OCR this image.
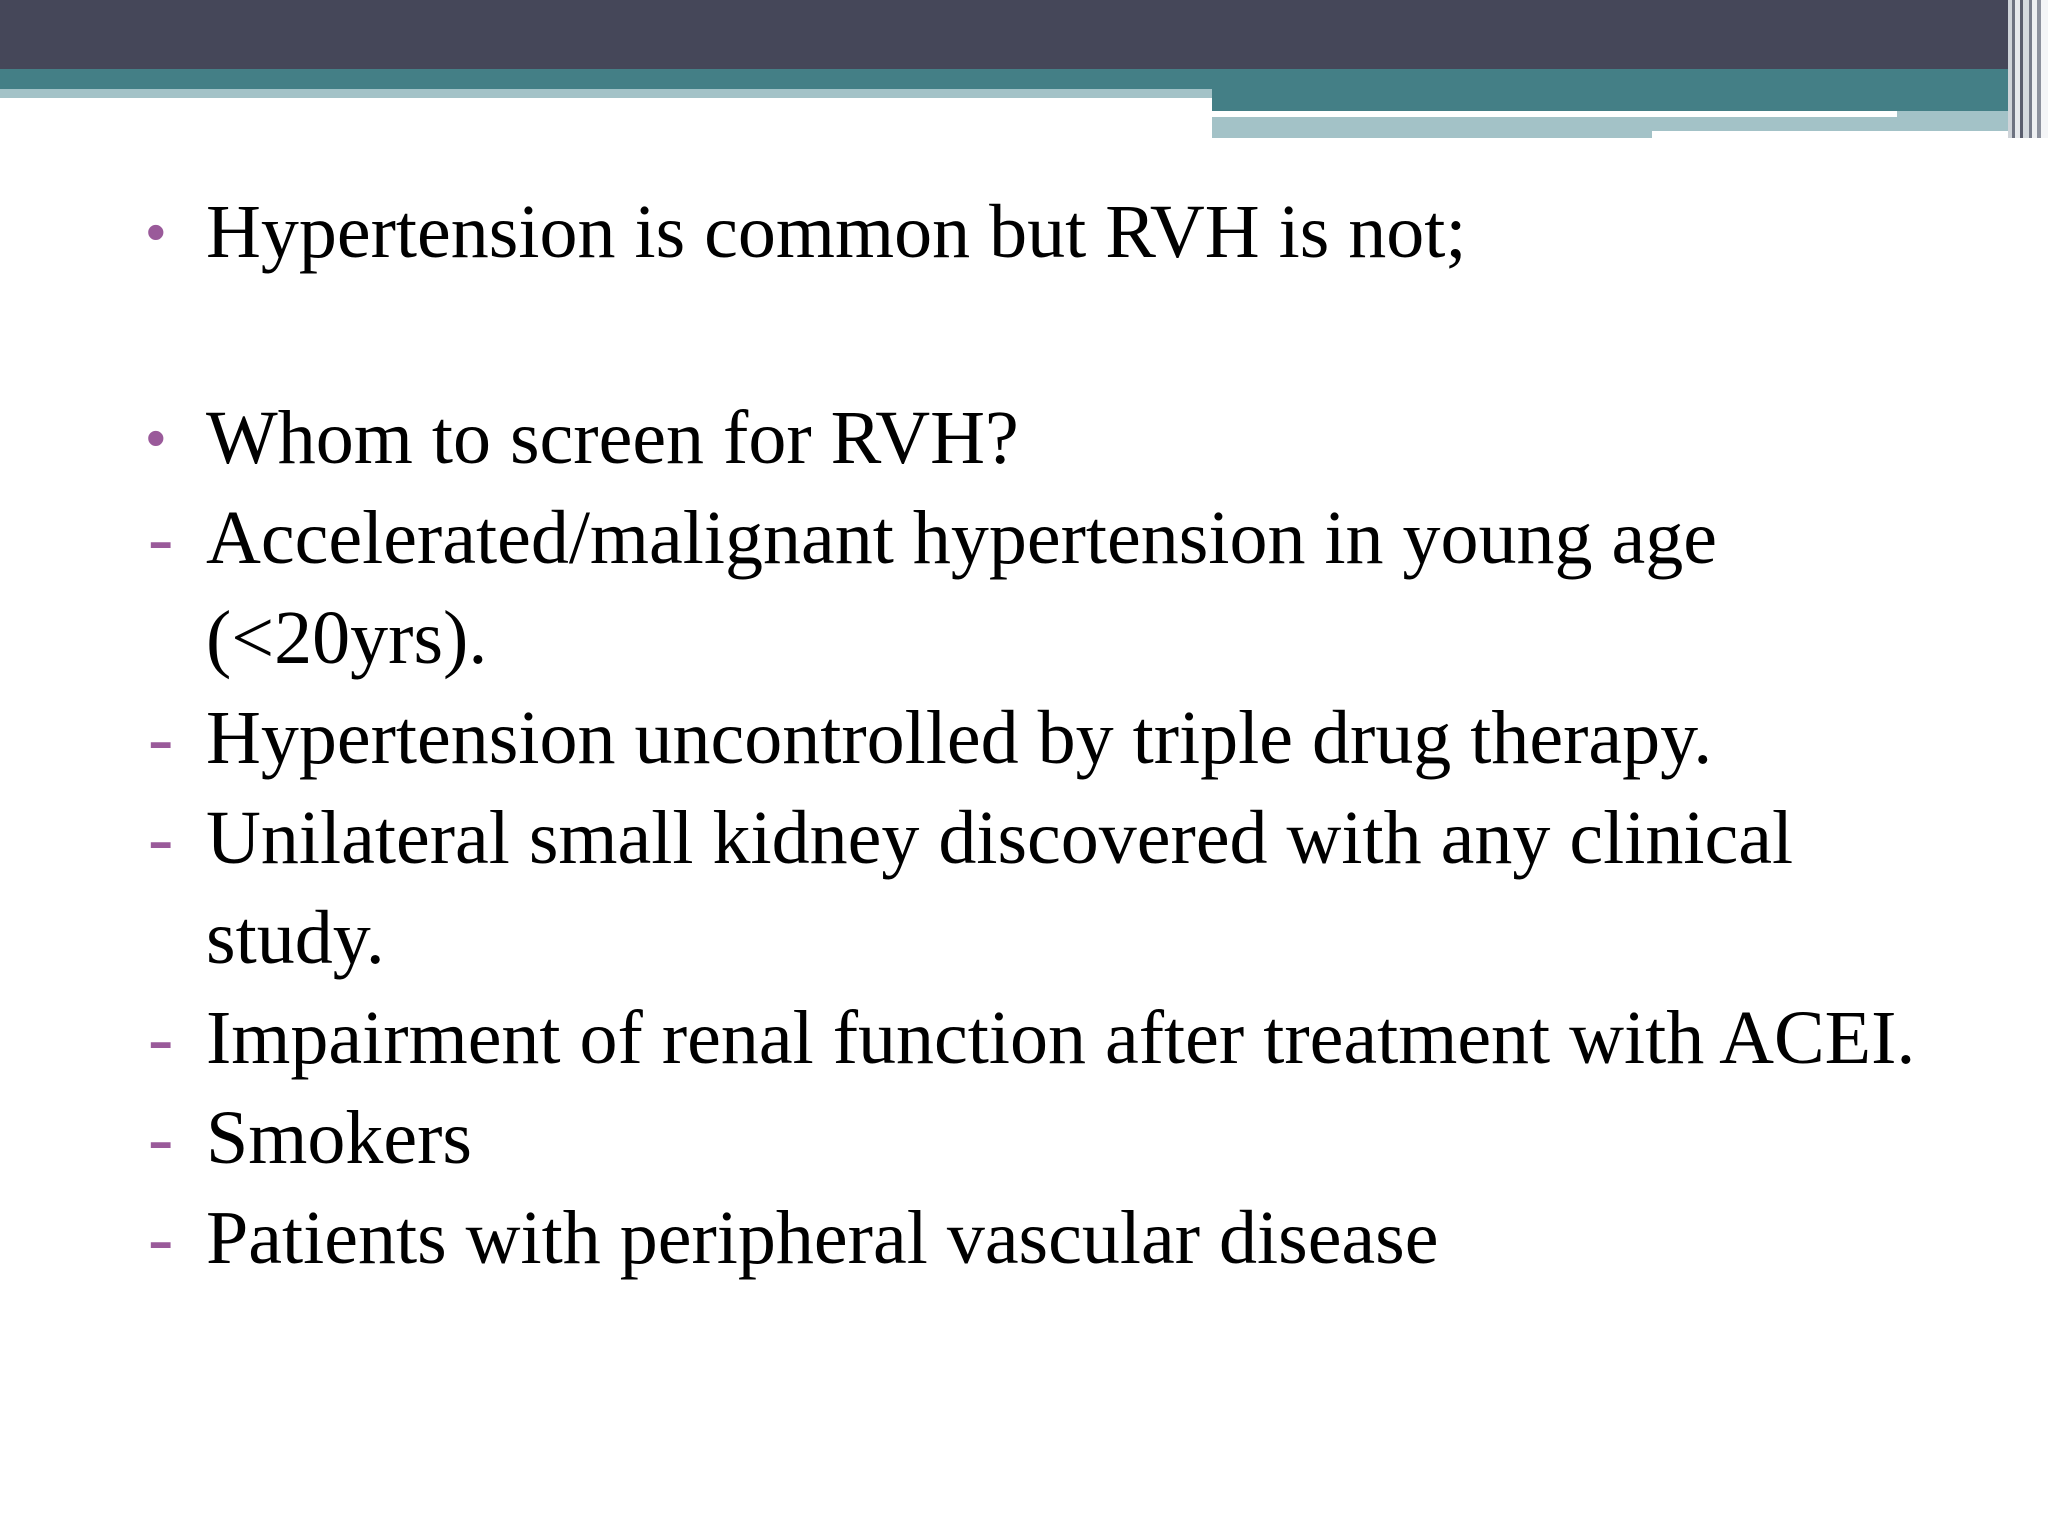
• Hypertension is common but RVH is not;
• Whom to screen for RVH?
- Accelerated/malignant hypertension in young age (<20yrs).
- Hypertension uncontrolled by triple drug therapy.
- Unilateral small kidney discovered with any clinical study.
- Impairment of renal function after treatment with ACEI.
- Smokers
- Patients with peripheral vascular disease
